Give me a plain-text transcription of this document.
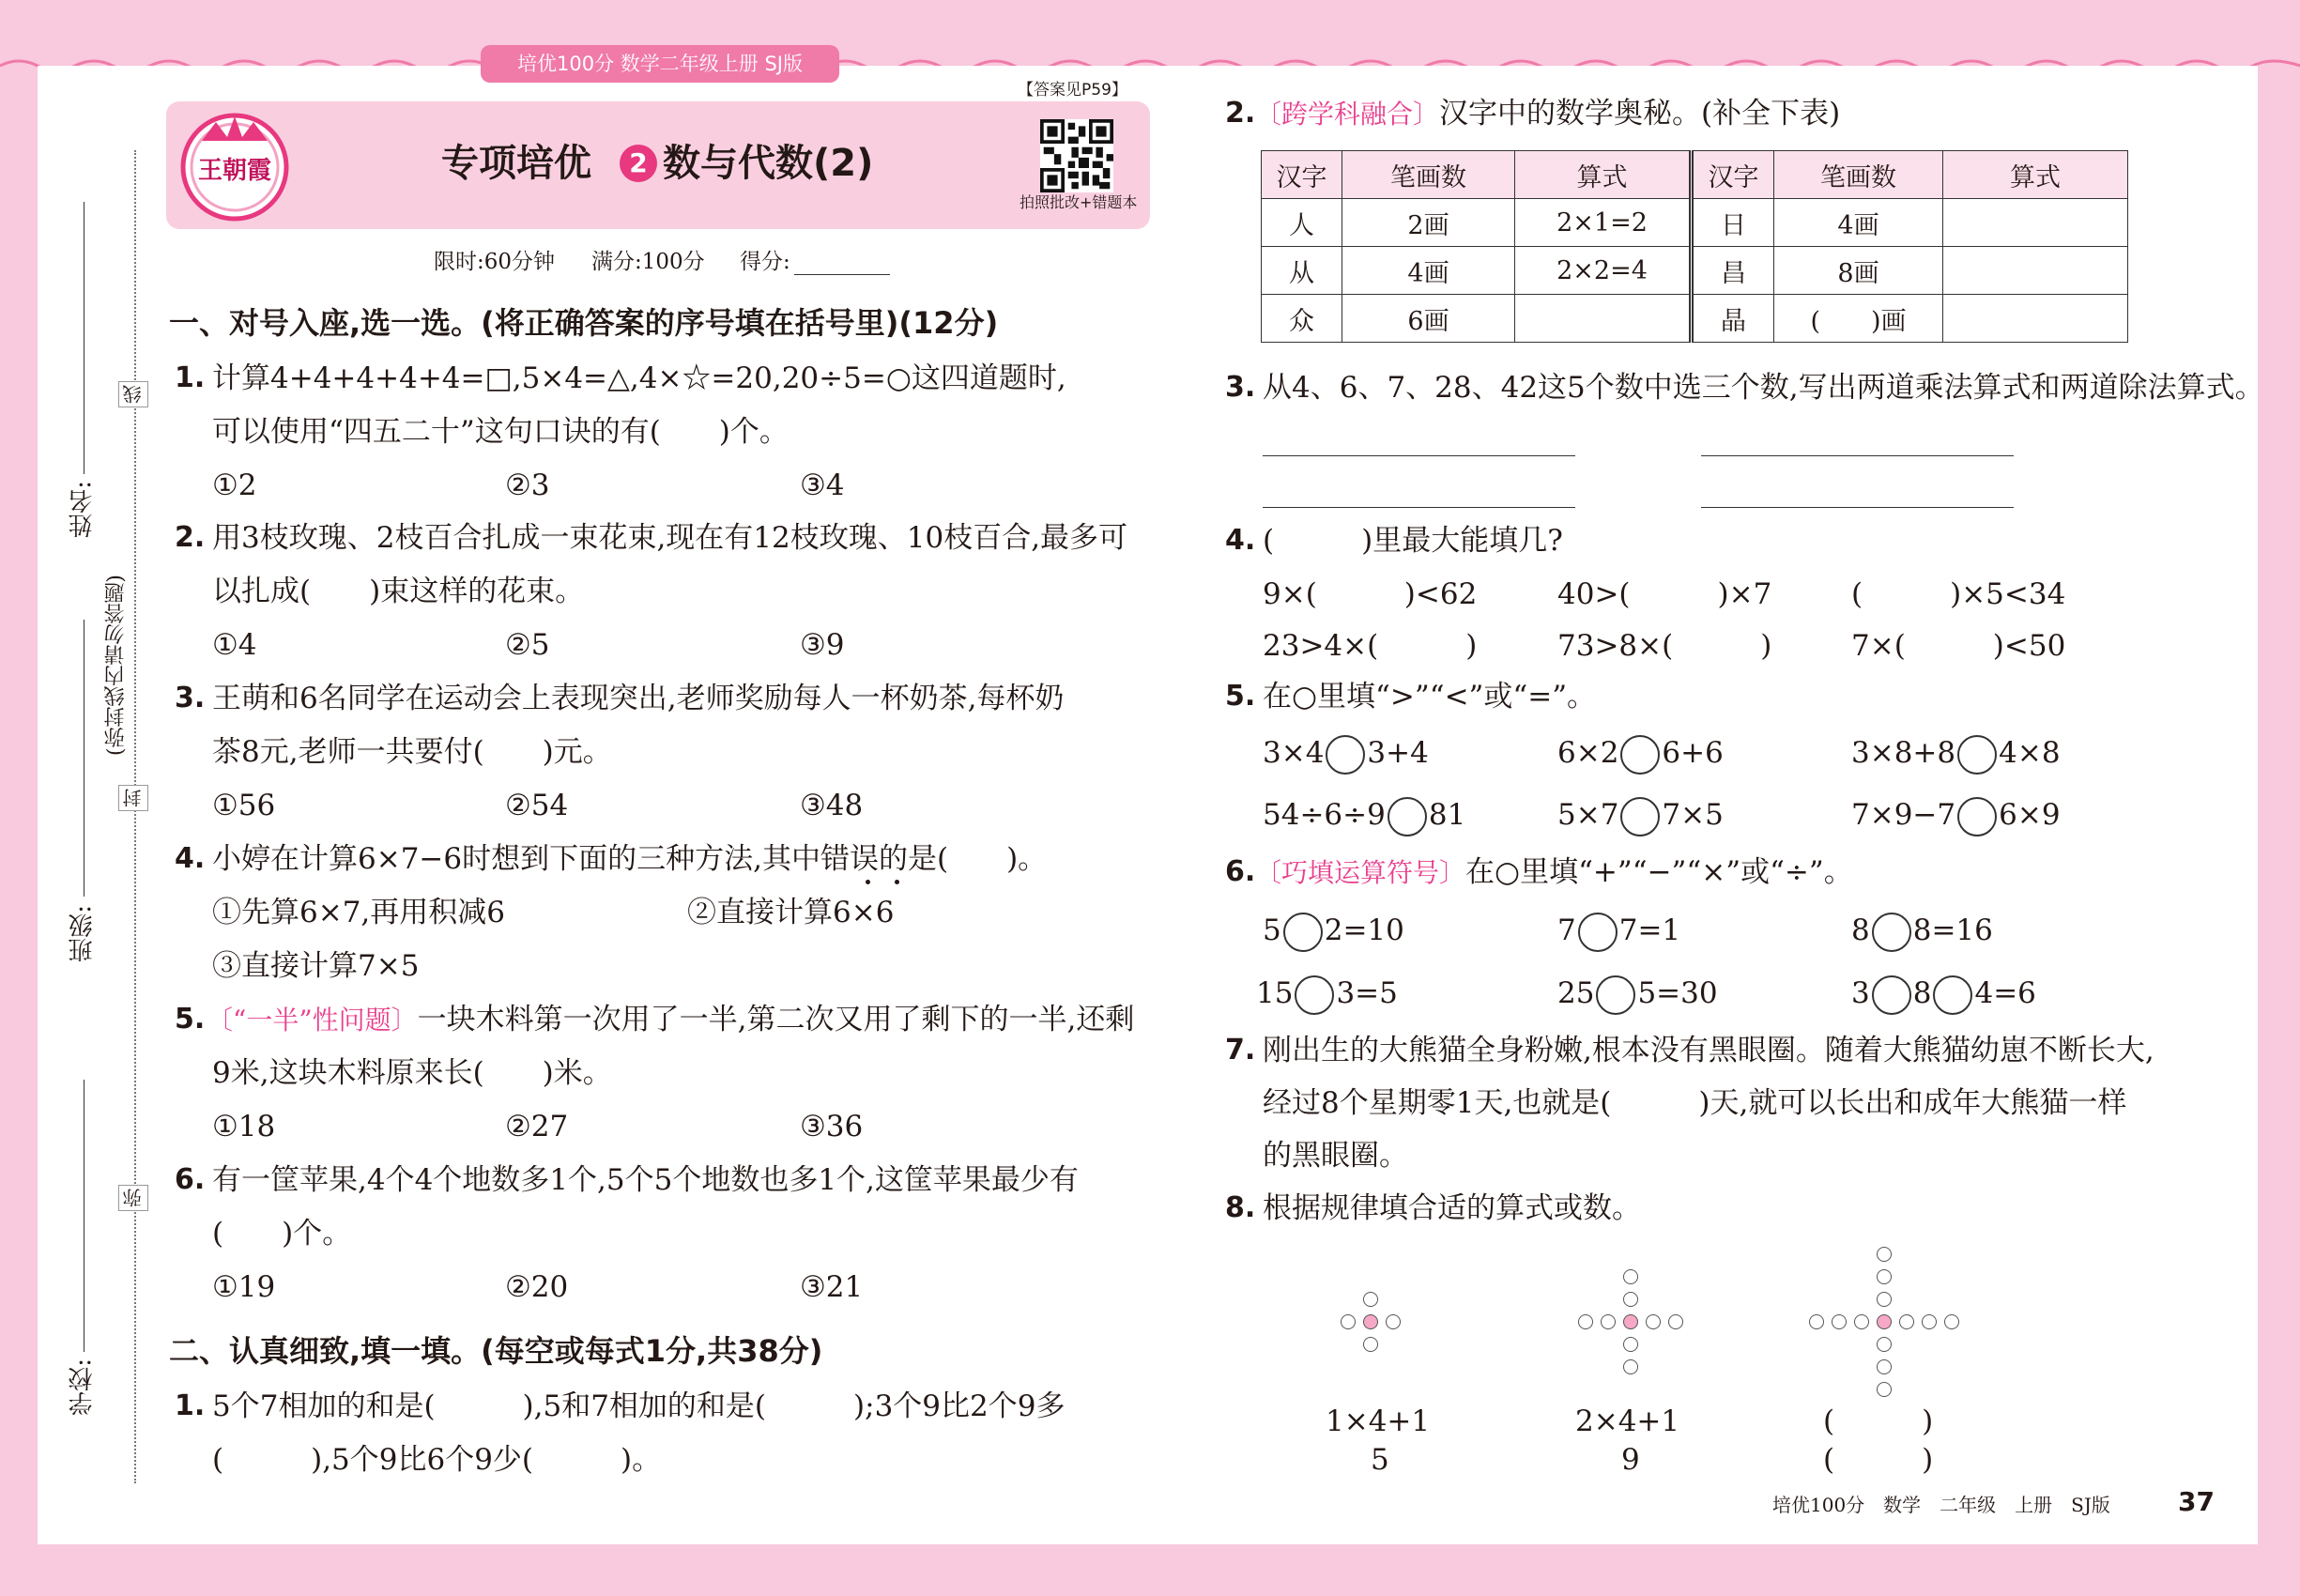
培优100分 数学二年级上册 SJ版
王朝霞	专项培优 2 数与代数(2)
【答案见P59】
拍照批改+错题本
限时:60分钟 满分:100分 得分:
姓名:
班级:
学校:
(弥封线内请勿答题)
线
封
弥
一、对号入座,选一选。(将正确答案的序号填在括号里)(12分)
1. 计算4+4+4+4+4=□,5×4=△,4×☆=20,20÷5=○这四道题时,
可以使用“四五二十”这句口诀的有(　　)个。
①2	②3	③4
2. 用3枝玫瑰、2枝百合扎成一束花束,现在有12枝玫瑰、10枝百合,最多可
以扎成(　　)束这样的花束。
①4	②5	③9
3. 王萌和6名同学在运动会上表现突出,老师奖励每人一杯奶茶,每杯奶
茶8元,老师一共要付(　　)元。
①56	②54	③48
4. 小婷在计算6×7−6时想到下面的三种方法,其中错误的是(　　)。
①先算6×7,再用积减6	②直接计算6×6
③直接计算7×5
5. 〔“一半”性问题〕一块木料第一次用了一半,第二次又用了剩下的一半,还剩
9米,这块木料原来长(　　)米。
①18	②27	③36
6. 有一筐苹果,4个4个地数多1个,5个5个地数也多1个,这筐苹果最少有
(　　)个。
①19	②20	③21
二、认真细致,填一填。(每空或每式1分,共38分)
1. 5个7相加的和是(　　　),5和7相加的和是(　　　);3个9比2个9多
(　　　),5个9比6个9少(　　　)。
2. 〔跨学科融合〕汉字中的数学奥秘。(补全下表)
汉字	笔画数	算式	汉字	笔画数	算式
人	2画	2×1=2	日	4画	
从	4画	2×2=4	昌	8画	
众	6画		晶	(　　)画	
3. 从4、6、7、28、42这5个数中选三个数,写出两道乘法算式和两道除法算式。
4. (　　　)里最大能填几?
9×(　　　)<62	40>(　　　)×7	(　　　)×5<34
23>4×(　　　)	73>8×(　　　)	7×(　　　)<50
5. 在○里填“>”“<”或“=”。
3×4 3+4	6×2 6+6	3×8+8 4×8
54÷6÷9 81	5×7 7×5	7×9−7 6×9
6. 〔巧填运算符号〕在○里填“+”“−”“×”或“÷”。
5 2=10	7 7=1	8 8=16
15 3=5	25 5=30	3 8 4=6
7. 刚出生的大熊猫全身粉嫩,根本没有黑眼圈。随着大熊猫幼崽不断长大,
经过8个星期零1天,也就是(　　　)天,就可以长出和成年大熊猫一样
的黑眼圈。
8. 根据规律填合适的算式或数。
1×4+1
5
2×4+1
9
(　　　)
(　　　)
培优100分　数学　二年级　上册　SJ版	37
